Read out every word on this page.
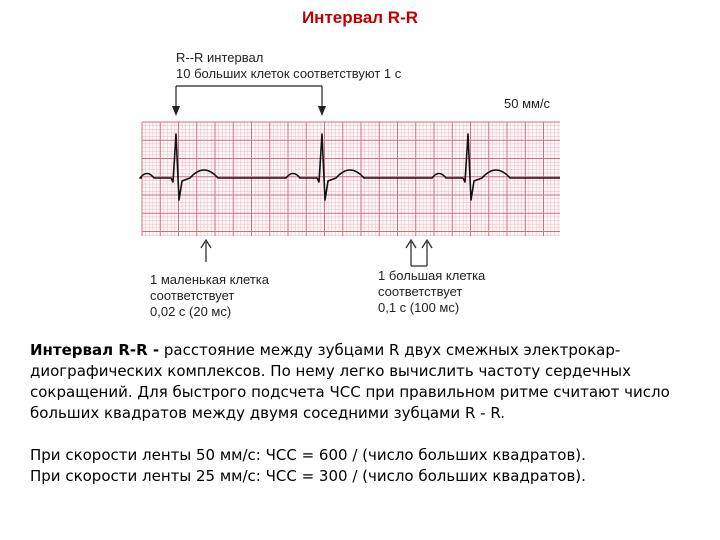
Интервал R-R
R--R интервал
10 больших клеток соответствуют 1 с
50 мм/с
1 маленькая клетка
соответствует
0,02 с (20 мс)
1 большая клетка
соответствует
0,1 с (100 мс)

Интервал R-R - расстояние между зубцами R двух смежных электрокар-

диографических комплексов. По нему легко вычислить частоту сердечных

сокращений. Для быстрого подсчета ЧСС при правильном ритме считают число

больших квадратов между двумя соседними зубцами R - R.

При скорости ленты 50 мм/с: ЧСС = 600 / (число больших квадратов).

При скорости ленты 25 мм/с: ЧСС = 300 / (число больших квадратов).
